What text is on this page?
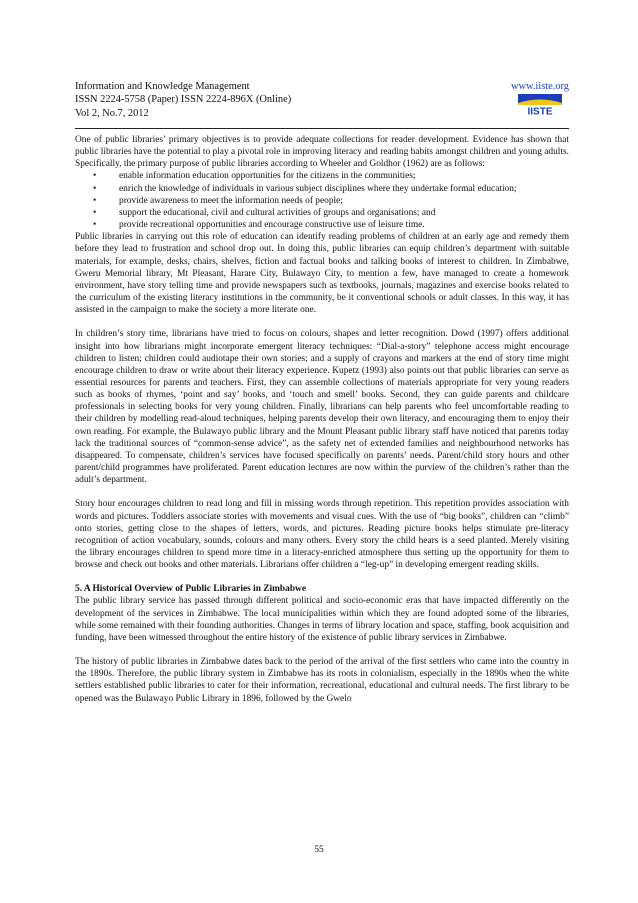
Information and Knowledge Management	www.iiste.org
ISSN 2224-5758 (Paper) ISSN 2224-896X (Online)
Vol 2, No.7, 2012	IISTE

One of public libraries’ primary objectives is to provide adequate collections for reader development. Evidence has shown that public libraries have the potential to play a pivotal role in improving literacy and reading habits amongst children and young adults. Specifically, the primary purpose of public libraries according to Wheeler and Goldhor (1962) are as follows:

• enable information education opportunities for the citizens in the communities;
• enrich the knowledge of individuals in various subject disciplines where they undertake formal education;
• provide awareness to meet the information needs of people;
• support the educational, civil and cultural activities of groups and organisations; and
• provide recreational opportunities and encourage constructive use of leisure time.

Public libraries in carrying out this role of education can identify reading problems of children at an early age and remedy them before they lead to frustration and school drop out. In doing this, public libraries can equip children’s department with suitable materials, for example, desks, chairs, shelves, fiction and factual books and talking books of interest to children. In Zimbabwe, Gweru Memorial library, Mt Pleasant, Harare City, Bulawayo City, to mention a few, have managed to create a homework environment, have story telling time and provide newspapers such as textbooks, journals, magazines and exercise books related to the curriculum of the existing literacy institutions in the community, be it conventional schools or adult classes. In this way, it has assisted in the campaign to make the society a more literate one.

In children’s story time, librarians have tried to focus on colours, shapes and letter recognition. Dowd (1997) offers additional insight into how librarians might incorporate emergent literacy techniques: “Dial-a-story” telephone access might encourage children to listen; children could audiotape their own stories; and a supply of crayons and markers at the end of story time might encourage children to draw or write about their literacy experience. Kupetz (1993) also points out that public libraries can serve as essential resources for parents and teachers. First, they can assemble collections of materials appropriate for very young readers such as books of rhymes, ‘point and say’ books, and ‘touch and smell’ books. Second, they can guide parents and childcare professionals in selecting books for very young children. Finally, librarians can help parents who feel uncomfortable reading to their children by modelling read-aloud techniques, helping parents develop their own literacy, and encouraging them to enjoy their own reading. For example, the Bulawayo public library and the Mount Pleasant public library staff have noticed that parents today lack the traditional sources of “common-sense advice”, as the safety net of extended families and neighbourhood networks has disappeared. To compensate, children’s services have focused specifically on parents’ needs. Parent/child story hours and other parent/child programmes have proliferated. Parent education lectures are now within the purview of the children’s rather than the adult’s department.

Story hour encourages children to read long and fill in missing words through repetition. This repetition provides association with words and pictures. Toddlers associate stories with movements and visual cues. With the use of “big books”, children can “climb” onto stories, getting close to the shapes of letters, words, and pictures. Reading picture books helps stimulate pre-literacy recognition of action vocabulary, sounds, colours and many others. Every story the child hears is a seed planted. Merely visiting the library encourages children to spend more time in a literacy-enriched atmosphere thus setting up the opportunity for them to browse and check out books and other materials. Librarians offer children a “leg-up” in developing emergent reading skills.

5. A Historical Overview of Public Libraries in Zimbabwe

The public library service has passed through different political and socio-economic eras that have impacted differently on the development of the services in Zimbabwe. The local municipalities within which they are found adopted some of the libraries, while some remained with their founding authorities. Changes in terms of library location and space, staffing, book acquisition and funding, have been witnessed throughout the entire history of the existence of public library services in Zimbabwe.

The history of public libraries in Zimbabwe dates back to the period of the arrival of the first settlers who came into the country in the 1890s. Therefore, the public library system in Zimbabwe has its roots in colonialism, especially in the 1890s when the white settlers established public libraries to cater for their information, recreational, educational and cultural needs. The first library to be opened was the Bulawayo Public Library in 1896, followed by the Gwelo

55
